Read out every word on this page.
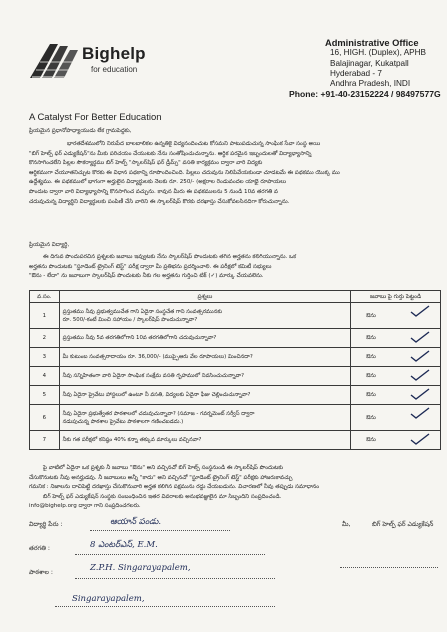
Bighelp
for education
A Catalyst For Better Education
Administrative Office
16, HIGH. (Duplex), APHB
Balajinagar, Kukatpall
Hyderabad - 7
Andhra Pradesh, INDI
Phone: +91-40-23152224 / 98497577G
ప్రియమైన ప్రధానోపాధ్యాయుడు లేక గ్రామపెద్దకు,
భారతదేశములోని నిరుపేద బాలబాలికల ఉన్నతికై విద్యనందించుట కోసమని పాటుపడుచున్న సాంఘిక సేవా సంస్థ అయి
"బిగ్ హెల్ప్ ఫర్ ఎడ్యుకేషన్"ను మీకు పరిచయం చేయుటకు నేను సంతోషించుచున్నాను. ఆర్థిక పరమైన ఇబ్బందులతో విద్యాభ్యాసాన్ని
కొనసాగించలేని పిల్లల సౌకర్యార్థము బిగ్ హెల్ప్ "స్కాలర్‌షిప్ ఫర్ డ్రీమ్స్" వసతి కార్యక్రమం ద్వారా వారి విద్యకు
ఆర్థికముగా చేయూతనిచ్చుట కొరకు ఈ విధాన పథకాన్ని రూపొందించింది. పిల్లలు చదువును నిలిపివేయకుండా చూడటమే ఈ పథకము యొక్క ము
ఉద్దేశ్యము. ఈ పథకములో భాగంగా అర్హులైన విద్యార్థులకు నెలకు రూ. 250/- (అక్షరాల రెండువందల యాభై రూపాయలు
పొందుట ద్వారా వారి విద్యాభ్యాసాన్ని కొనసాగించ వచ్చును. కావున మీరు ఈ పథకములను 5 నుండి 10వ తరగతి వ
చదువుచున్న విద్యార్థిని విద్యార్థులకు పంపిణీ చేసి వారిని ఈ స్కాలర్‌షిప్ కొరకు దరఖాస్తు చేసుకోవలసినదిగా కోరుచున్నాను.
ప్రియమైన విద్యార్థి,
ఈ దిగువ పొందుపరచిన ప్రశ్నలకు జవాబు ఇవ్వుటకు నేను స్కాలర్‌షిప్ పొందుటకు తగిన అర్హతను కలిగియున్నాను. ఒక
అర్హతను పొందుటకు "స్టూడెంట్ ట్రైనింగ్ టెస్ట్" పరీక్ష ద్వారా మీ ప్రతిభను ప్రదర్శించాలి. ఈ పరీక్షలో కమిటీ సభ్యులు
"ఔను - లేదా" ను జవాబుగా స్కాలర్‌షిప్ పొందుటకు నీకు గల అర్హతను గుర్తించి టిక్ (✓) మార్కు చేయవలెను.
వ.సం.	ప్రశ్నలు	జవాబు పై గుర్తు పెట్టండి
1	ప్రస్తుతము నీవు ప్రభుత్వముచేత గాని ఏదైనా సంస్థచేత గాని సంవత్సరమునకు
రూ. 500/-కంటే మించి సహాయం / స్కాలర్‌షిప్ పొందుచున్నావా?	ఔను

2	ప్రస్తుతము నీవు 5వ తరగతిలోగాని 10వ తరగతిలోగాని చదువుచున్నావా?	ఔను

3	మీ కుటుంబ సంవత్సరాదాయం రూ. 36,000/- (ముప్పైఆరు వేల రూపాయలు) మించినదా?	ఔను

4	నీవు సన్నిహితంగా వారి ఏదైనా సాంఘిక సంక్షేమ వసతి గృహములో నివసించుచున్నావా?	ఔను

5	నీవు ఏదైనా ప్రైవేటు హాస్టలులో ఉంటూ నీ వసతి, విద్యలకు ఏదైనా ఫీజు చెల్లించుచున్నావా?	ఔను

6	నీవు ఏదైనా ప్రభుత్వేతర పాఠశాలలో చదువుచున్నావా? (సమాజ - గవర్నమెంట్ సర్వీస్ ద్వారా
నడుపుచున్న పాఠశాల ప్రైవేటు పాఠశాలగా గణించబడదు.)	ఔను

7	నీకు గత పరీక్షలో కనిష్ఠం 40% కన్నా తక్కువ మార్కులు వచ్చినవా?	ఔను
పై వాటిలో ఏదైనా ఒక ప్రశ్నకు నీ జవాబు "ఔను" అని వచ్చినచో బిగ్ హెల్ప్ సంస్థనుండి ఈ స్కాలర్‌షిప్ పొందుటకు
చేసుకొనుటకు నీవు అనర్హుడవు. నీ జవాబులు అన్నీ "కాదు" అని వచ్చినచో "స్టూడెంట్ ట్రైనింగ్ టెస్ట్" పరీక్షకు హాజరుకావచ్చు
గమనిక : నిజాలను దాచిపెట్టి దరఖాస్తు చేసుకొనువారి అర్హత కలిగిన పక్షమును రద్దు చేయబడును. విచారణలో నీవు తప్పుడు సమాధానం
బిగ్ హెల్ప్ ఫర్ ఎడ్యుకేషన్ సంస్థకు సంబంధించిన ఇతర వివరాలకు అనుభవజ్ఞులైన మా సిబ్బందిని సంప్రదించండి.
info@bighelp.org ద్వారా గాని సంప్రదించగలరు.
విద్యార్థి పేరు :	ఆయాన్ పండు.
తరగతి :	8 ఎంటర్‌ఎస్, E.M.
పాఠశాల :	Z.P.H. Singarayapalem,
Singarayapalem,
మీ,	బిగ్ హెల్ప్ ఫర్ ఎడ్యుకేషన్
